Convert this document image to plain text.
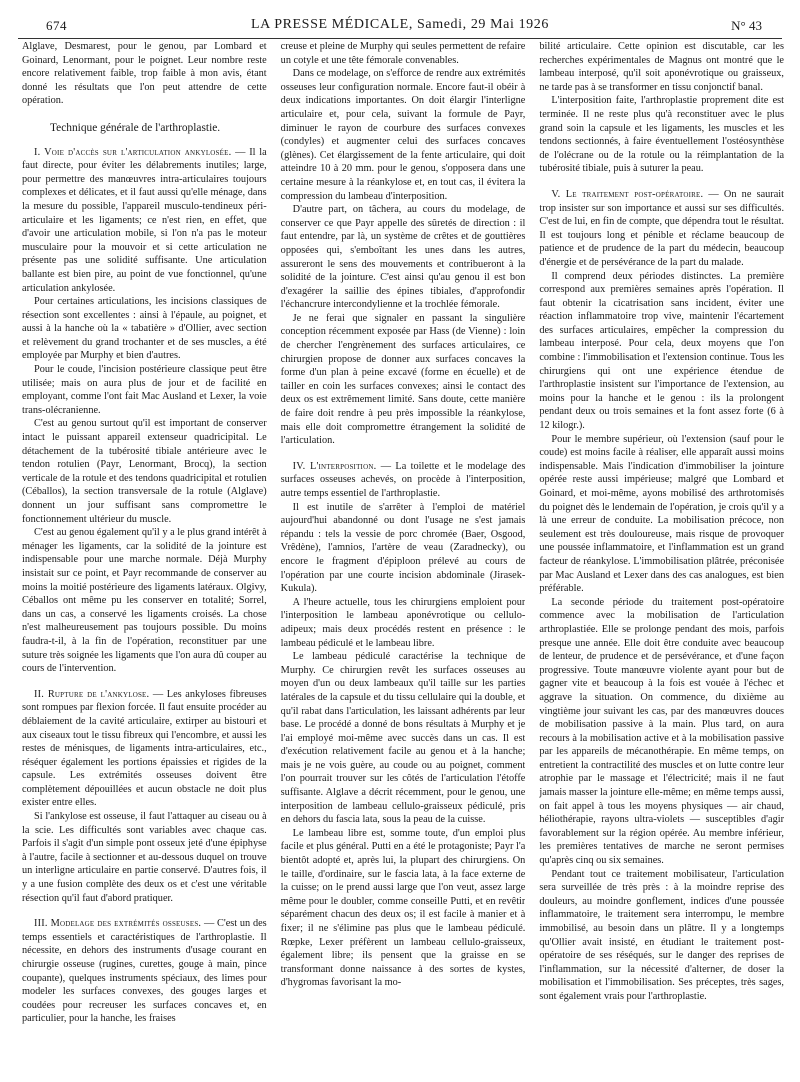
674	LA PRESSE MÉDICALE, Samedi, 29 Mai 1926	N° 43

Alglave, Desmarest, pour le genou, par Lombard et Goinard, Lenormant, pour le poignet. Leur nombre reste encore relativement faible, trop faible à mon avis, étant donné les résultats que l'on peut attendre de cette opération.

Technique générale de l'arthroplastie.

I. Voie d'accès sur l'articulation ankylosée. — Il la faut directe, pour éviter les délabrements inutiles; large, pour permettre des manœuvres intra-articulaires toujours complexes et délicates, et il faut aussi qu'elle ménage, dans la mesure du possible, l'appareil musculo-tendineux péri-articulaire et les ligaments; ce n'est rien, en effet, que d'avoir une articulation mobile, si l'on n'a pas le moteur musculaire pour la mouvoir et si cette articulation ne présente pas une solidité suffisante. Une articulation ballante est bien pire, au point de vue fonctionnel, qu'une articulation ankylosée.

Pour certaines articulations, les incisions classiques de résection sont excellentes : ainsi à l'épaule, au poignet, et aussi à la hanche où la « tabatière » d'Ollier, avec section et relèvement du grand trochanter et de ses muscles, a été employée par Murphy et bien d'autres.

Pour le coude, l'incision postérieure classique peut être utilisée; mais on aura plus de jour et de facilité en employant, comme l'ont fait Mac Ausland et Lexer, la voie trans-olécranienne.

C'est au genou surtout qu'il est important de conserver intact le puissant appareil extenseur quadricipital. Le détachement de la tubérosité tibiale antérieure avec le tendon rotulien (Payr, Lenormant, Brocq), la section verticale de la rotule et des tendons quadricipital et rotulien (Céballos), la section transversale de la rotule (Alglave) donnent un jour suffisant sans compromettre le fonctionnement ultérieur du muscle.

C'est au genou également qu'il y a le plus grand intérêt à ménager les ligaments, car la solidité de la jointure est indispensable pour une marche normale. Déjà Murphy insistait sur ce point, et Payr recommande de conserver au moins la moitié postérieure des ligaments latéraux. Olgivy, Céballos ont même pu les conserver en totalité; Sorrel, dans un cas, a conservé les ligaments croisés. La chose n'est malheureusement pas toujours possible. Du moins faudra-t-il, à la fin de l'opération, reconstituer par une suture très soignée les ligaments que l'on aura dû couper au cours de l'intervention.

II. Rupture de l'ankylose. — Les ankyloses fibreuses sont rompues par flexion forcée. Il faut ensuite procéder au déblaiement de la cavité articulaire, extirper au bistouri et aux ciseaux tout le tissu fibreux qui l'encombre, et aussi les restes de ménisques, de ligaments intra-articulaires, etc., réséquer également les portions épaissies et rigides de la capsule. Les extrémités osseuses doivent être complètement dépouillées et aucun obstacle ne doit plus exister entre elles.

Si l'ankylose est osseuse, il faut l'attaquer au ciseau ou à la scie. Les difficultés sont variables avec chaque cas. Parfois il s'agit d'un simple pont osseux jeté d'une épiphyse à l'autre, facile à sectionner et au-dessous duquel on trouve un interligne articulaire en partie conservé. D'autres fois, il y a une fusion complète des deux os et c'est une véritable résection qu'il faut d'abord pratiquer.

III. Modelage des extrémités osseuses. — C'est un des temps essentiels et caractéristiques de l'arthroplastie. Il nécessite, en dehors des instruments d'usage courant en chirurgie osseuse (rugines, curettes, gouge à main, pince coupante), quelques instruments spéciaux, des limes pour modeler les surfaces convexes, des gouges larges et coudées pour recreuser les surfaces concaves et, en particulier, pour la hanche, les fraises

creuse et pleine de Murphy qui seules permettent de refaire un cotyle et une tête fémorale convenables.

Dans ce modelage, on s'efforce de rendre aux extrémités osseuses leur configuration normale. Encore faut-il obéir à deux indications importantes. On doit élargir l'interligne articulaire et, pour cela, suivant la formule de Payr, diminuer le rayon de courbure des surfaces convexes (condyles) et augmenter celui des surfaces concaves (glènes). Cet élargissement de la fente articulaire, qui doit atteindre 10 à 20 mm. pour le genou, s'opposera dans une certaine mesure à la réankylose et, en tout cas, il évitera la compression du lambeau d'interposition.

D'autre part, on tâchera, au cours du modelage, de conserver ce que Payr appelle des sûretés de direction : il faut entendre, par là, un système de crêtes et de gouttières opposées qui, s'emboîtant les unes dans les autres, assureront le sens des mouvements et contribueront à la solidité de la jointure. C'est ainsi qu'au genou il est bon d'exagérer la saillie des épines tibiales, d'approfondir l'échancrure intercondylienne et la trochlée fémorale.

Je ne ferai que signaler en passant la singulière conception récemment exposée par Hass (de Vienne) : loin de chercher l'engrènement des surfaces articulaires, ce chirurgien propose de donner aux surfaces concaves la forme d'un plan à peine excavé (forme en écuelle) et de tailler en coin les surfaces convexes; ainsi le contact des deux os est extrêmement limité. Sans doute, cette manière de faire doit rendre à peu près impossible la réankylose, mais elle doit compromettre étrangement la solidité de l'articulation.

IV. L'interposition. — La toilette et le modelage des surfaces osseuses achevés, on procède à l'interposition, autre temps essentiel de l'arthroplastie.

Il est inutile de s'arrêter à l'emploi de matériel aujourd'hui abandonné ou dont l'usage ne s'est jamais répandu : tels la vessie de porc chromée (Baer, Osgood, Vrêdène), l'amnios, l'artère de veau (Zaradnecky), ou encore le fragment d'épiploon prélevé au cours de l'opération par une courte incision abdominale (Jirasek-Kukula).

A l'heure actuelle, tous les chirurgiens emploient pour l'interposition le lambeau aponévrotique ou cellulo-adipeux; mais deux procédés restent en présence : le lambeau pédiculé et le lambeau libre.

Le lambeau pédiculé caractérise la technique de Murphy. Ce chirurgien revêt les surfaces osseuses au moyen d'un ou deux lambeaux qu'il taille sur les parties latérales de la capsule et du tissu cellulaire qui la double, et qu'il rabat dans l'articulation, les laissant adhérents par leur base. Le procédé a donné de bons résultats à Murphy et je l'ai employé moi-même avec succès dans un cas. Il est d'exécution relativement facile au genou et à la hanche; mais je ne vois guère, au coude ou au poignet, comment l'on pourrait trouver sur les côtés de l'articulation l'étoffe suffisante. Alglave a décrit récemment, pour le genou, une interposition de lambeau cellulo-graisseux pédiculé, pris en dehors du fascia lata, sous la peau de la cuisse.

Le lambeau libre est, somme toute, d'un emploi plus facile et plus général. Putti en a été le protagoniste; Payr l'a bientôt adopté et, après lui, la plupart des chirurgiens. On le taille, d'ordinaire, sur le fascia lata, à la face externe de la cuisse; on le prend aussi large que l'on veut, assez large même pour le doubler, comme conseille Putti, et en revêtir séparément chacun des deux os; il est facile à manier et à fixer; il ne s'élimine pas plus que le lambeau pédiculé. Rœpke, Lexer préfèrent un lambeau cellulo-graisseux, également libre; ils pensent que la graisse en se transformant donne naissance à des sortes de kystes, d'hygromas favorisant la mo-

bilité articulaire. Cette opinion est discutable, car les recherches expérimentales de Magnus ont montré que le lambeau interposé, qu'il soit aponévrotique ou graisseux, ne tarde pas à se transformer en tissu conjonctif banal.

L'interposition faite, l'arthroplastie proprement dite est terminée. Il ne reste plus qu'à reconstituer avec le plus grand soin la capsule et les ligaments, les muscles et les tendons sectionnés, à faire éventuellement l'ostéosynthèse de l'olécrane ou de la rotule ou la réimplantation de la tubérosité tibiale, puis à suturer la peau.

V. Le traitement post-opératoire. — On ne saurait trop insister sur son importance et aussi sur ses difficultés. C'est de lui, en fin de compte, que dépendra tout le résultat. Il est toujours long et pénible et réclame beaucoup de patience et de prudence de la part du médecin, beaucoup d'énergie et de persévérance de la part du malade.

Il comprend deux périodes distinctes. La première correspond aux premières semaines après l'opération. Il faut obtenir la cicatrisation sans incident, éviter une réaction inflammatoire trop vive, maintenir l'écartement des surfaces articulaires, empêcher la compression du lambeau interposé. Pour cela, deux moyens que l'on combine : l'immobilisation et l'extension continue. Tous les chirurgiens qui ont une expérience étendue de l'arthroplastie insistent sur l'importance de l'extension, au moins pour la hanche et le genou : ils la prolongent pendant deux ou trois semaines et la font assez forte (6 à 12 kilogr.).

Pour le membre supérieur, où l'extension (sauf pour le coude) est moins facile à réaliser, elle apparaît aussi moins indispensable. Mais l'indication d'immobiliser la jointure opérée reste aussi impérieuse; malgré que Lombard et Goinard, et moi-même, ayons mobilisé des arthrotomisés du poignet dès le lendemain de l'opération, je crois qu'il y a là une erreur de conduite. La mobilisation précoce, non seulement est très douloureuse, mais risque de provoquer une poussée inflammatoire, et l'inflammation est un grand facteur de réankylose. L'immobilisation plâtrée, préconisée par Mac Ausland et Lexer dans des cas analogues, est bien préférable.

La seconde période du traitement post-opératoire commence avec la mobilisation de l'articulation arthroplastiée. Elle se prolonge pendant des mois, parfois presque une année. Elle doit être conduite avec beaucoup de lenteur, de prudence et de persévérance, et d'une façon progressive. Toute manœuvre violente ayant pour but de gagner vite et beaucoup à la fois est vouée à l'échec et aggrave la situation. On commence, du dixième au vingtième jour suivant les cas, par des manœuvres douces de mobilisation passive à la main. Plus tard, on aura recours à la mobilisation active et à la mobilisation passive par les appareils de mécanothérapie. En même temps, on entretient la contractilité des muscles et on lutte contre leur atrophie par le massage et l'électricité; mais il ne faut jamais masser la jointure elle-même; en même temps aussi, on fait appel à tous les moyens physiques — air chaud, héliothérapie, rayons ultra-violets — susceptibles d'agir favorablement sur la région opérée. Au membre inférieur, les premières tentatives de marche ne seront permises qu'après cinq ou six semaines.

Pendant tout ce traitement mobilisateur, l'articulation sera surveillée de très près : à la moindre reprise des douleurs, au moindre gonflement, indices d'une poussée inflammatoire, le traitement sera interrompu, le membre immobilisé, au besoin dans un plâtre. Il y a longtemps qu'Ollier avait insisté, en étudiant le traitement post-opératoire de ses réséqués, sur le danger des reprises de l'inflammation, sur la nécessité d'alterner, de doser la mobilisation et l'immobilisation. Ses préceptes, très sages, sont également vrais pour l'arthroplastie.
